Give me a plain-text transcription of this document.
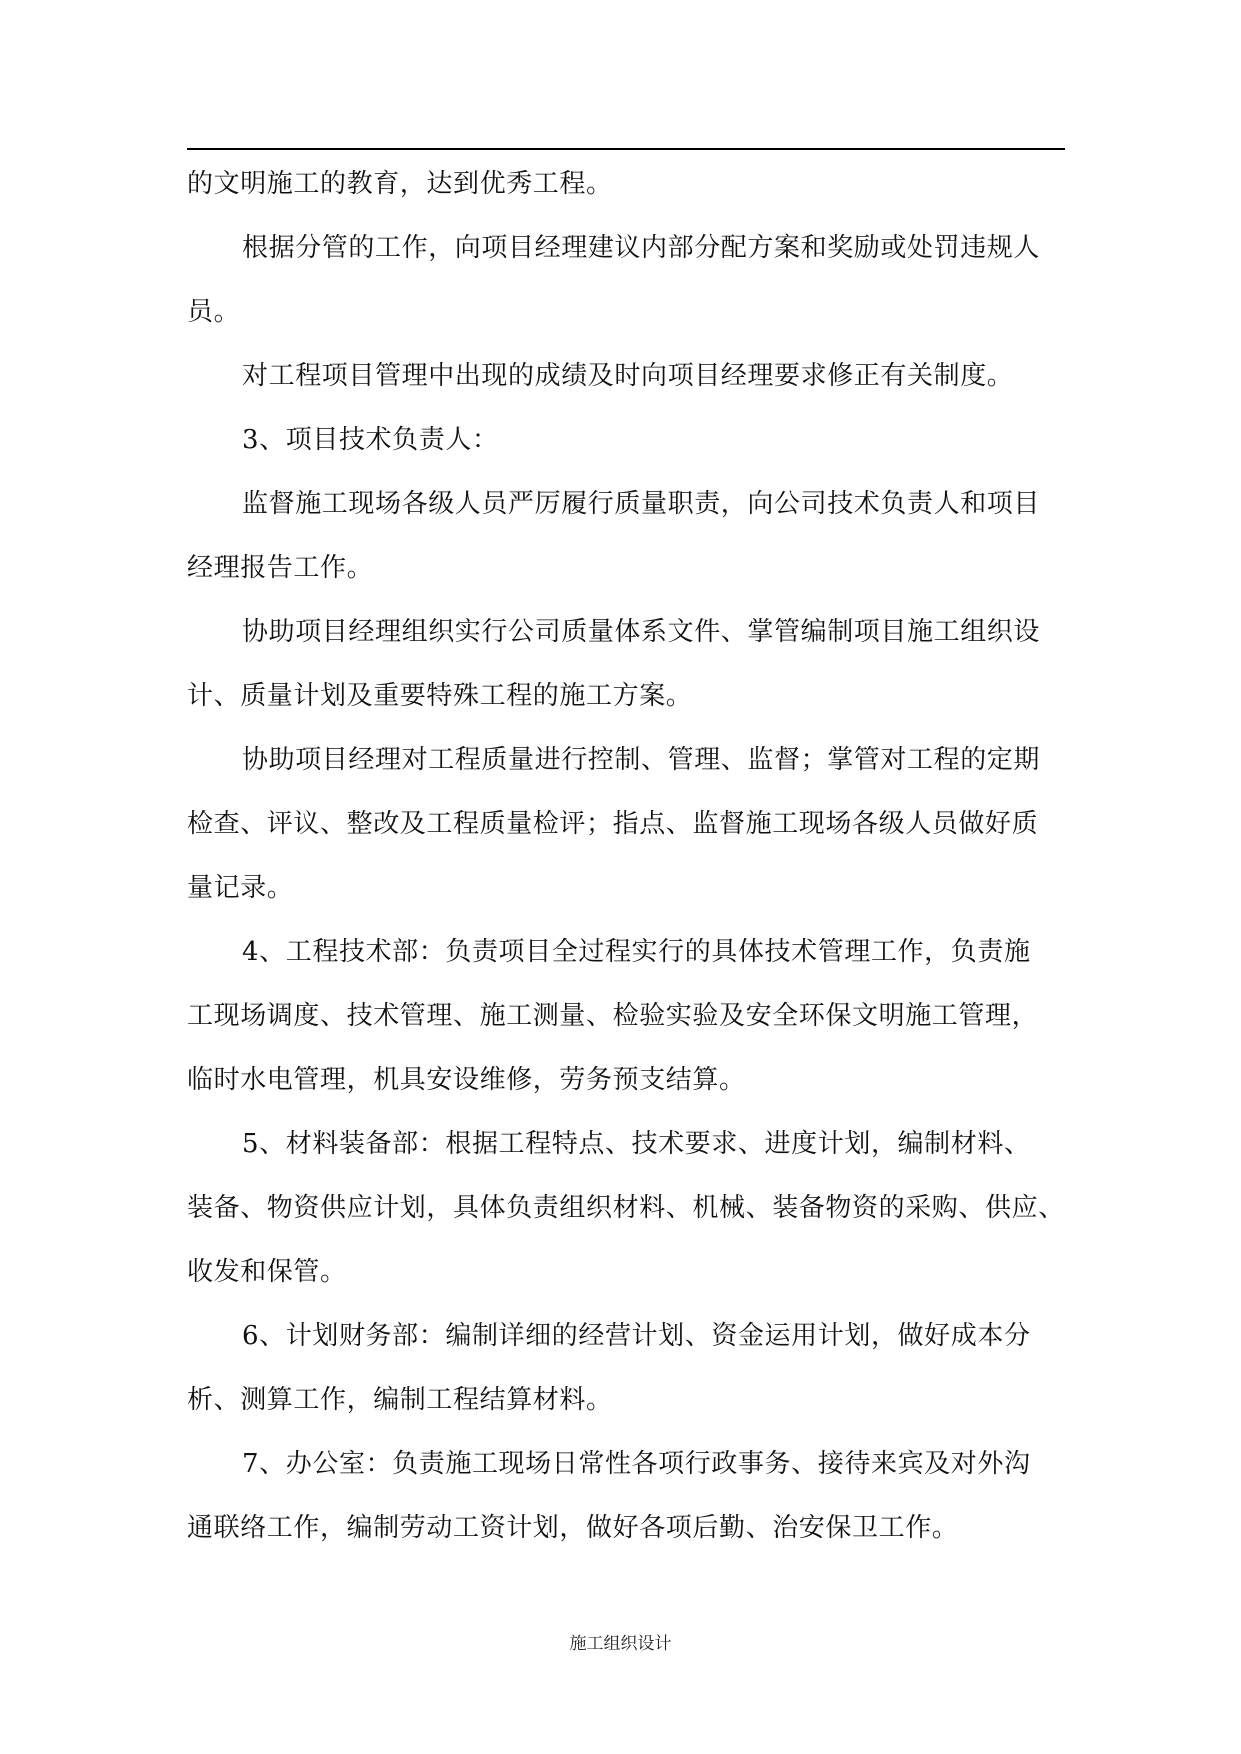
的文明施工的教育，达到优秀工程。
根据分管的工作，向项目经理建议内部分配方案和奖励或处罚违规人
员。
对工程项目管理中出现的成绩及时向项目经理要求修正有关制度。
3、项目技术负责人：
监督施工现场各级人员严厉履行质量职责，向公司技术负责人和项目
经理报告工作。
协助项目经理组织实行公司质量体系文件、掌管编制项目施工组织设
计、质量计划及重要特殊工程的施工方案。
协助项目经理对工程质量进行控制、管理、监督；掌管对工程的定期
检查、评议、整改及工程质量检评；指点、监督施工现场各级人员做好质
量记录。
4、工程技术部：负责项目全过程实行的具体技术管理工作，负责施
工现场调度、技术管理、施工测量、检验实验及安全环保文明施工管理，
临时水电管理，机具安设维修，劳务预支结算。
5、材料装备部：根据工程特点、技术要求、进度计划，编制材料、
装备、物资供应计划，具体负责组织材料、机械、装备物资的采购、供应、
收发和保管。
6、计划财务部：编制详细的经营计划、资金运用计划，做好成本分
析、测算工作，编制工程结算材料。
7、办公室：负责施工现场日常性各项行政事务、接待来宾及对外沟
通联络工作，编制劳动工资计划，做好各项后勤、治安保卫工作。
施工组织设计
